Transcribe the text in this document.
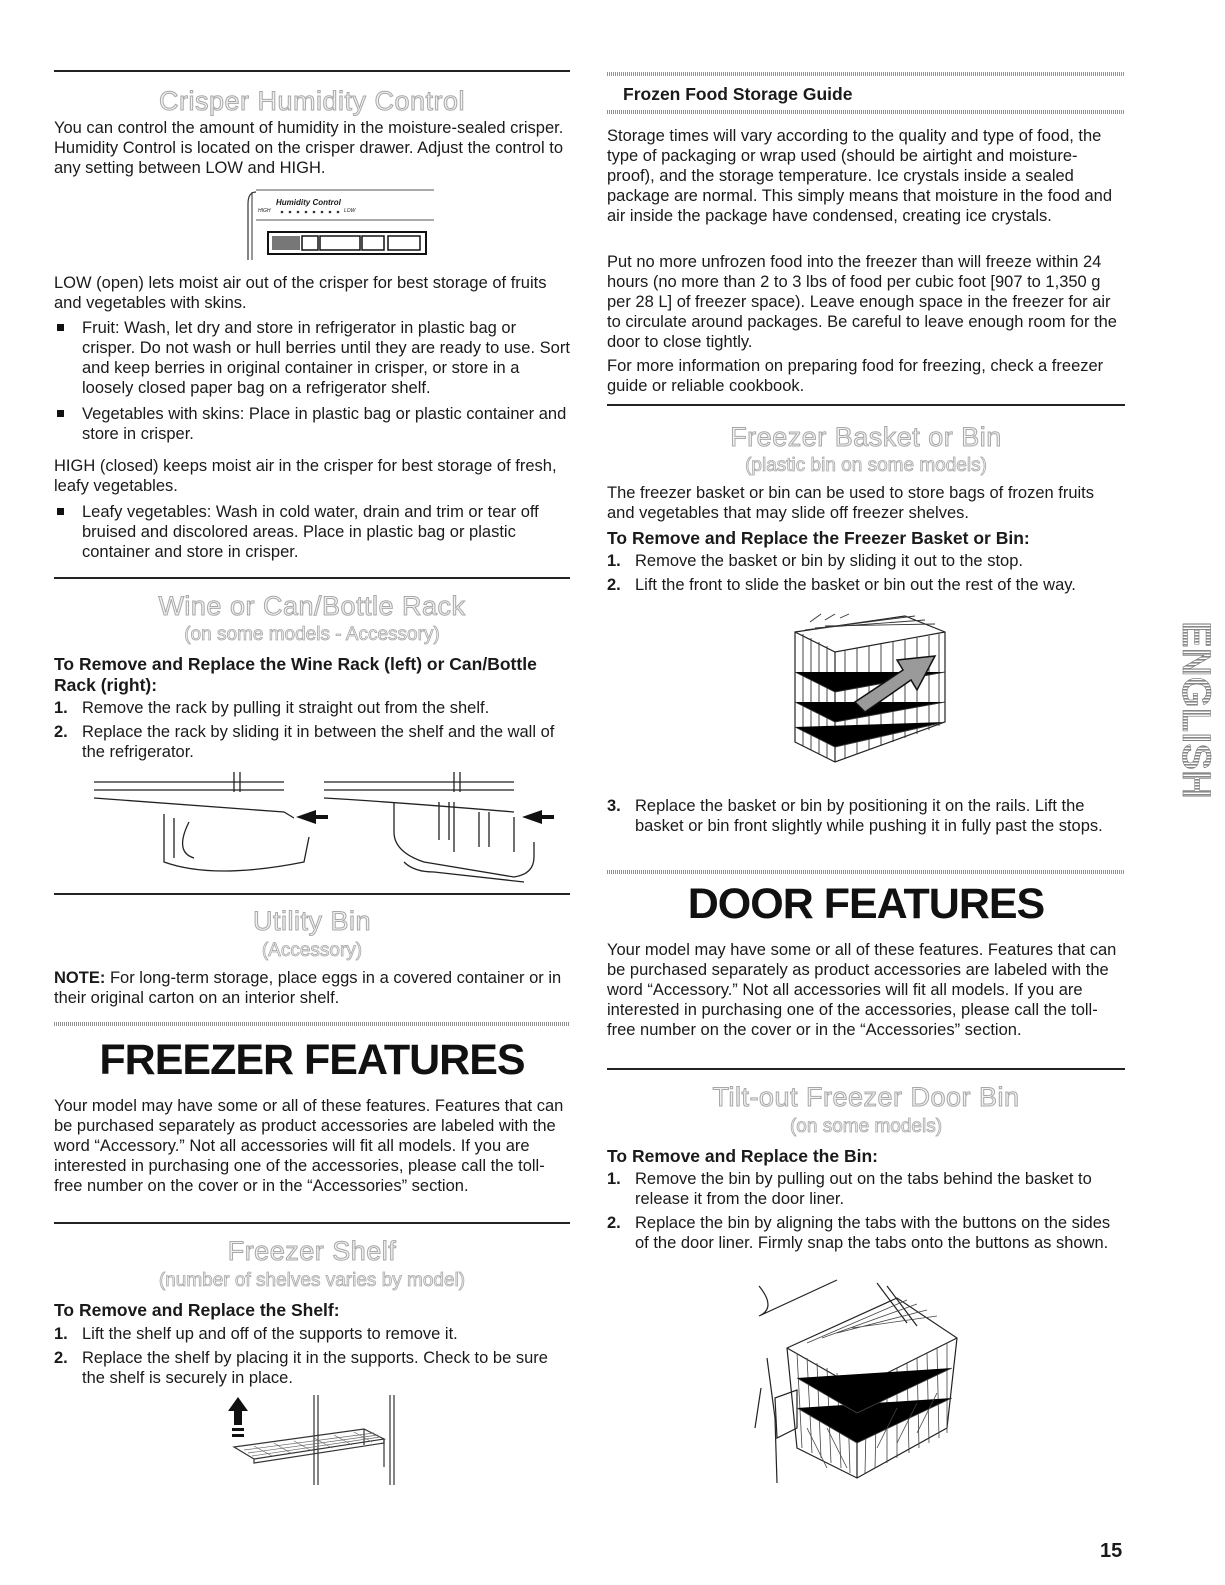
Crisper Humidity Control

You can control the amount of humidity in the moisture-sealed crisper. Humidity Control is located on the crisper drawer. Adjust the control to any setting between LOW and HIGH.

Humidity Control
HIGH	LOW

LOW (open) lets moist air out of the crisper for best storage of fruits and vegetables with skins.

Fruit: Wash, let dry and store in refrigerator in plastic bag or crisper. Do not wash or hull berries until they are ready to use. Sort and keep berries in original container in crisper, or store in a loosely closed paper bag on a refrigerator shelf.
Vegetables with skins: Place in plastic bag or plastic container and store in crisper.

HIGH (closed) keeps moist air in the crisper for best storage of fresh, leafy vegetables.

Leafy vegetables: Wash in cold water, drain and trim or tear off bruised and discolored areas. Place in plastic bag or plastic container and store in crisper.
Wine or Can/Bottle Rack
(on some models - Accessory)
To Remove and Replace the Wine Rack (left) or Can/Bottle Rack (right):
1. Remove the rack by pulling it straight out from the shelf.
2. Replace the rack by sliding it in between the shelf and the wall of the refrigerator.
Utility Bin
(Accessory)

NOTE: For long-term storage, place eggs in a covered container or in their original carton on an interior shelf.

FREEZER FEATURES

Your model may have some or all of these features. Features that can be purchased separately as product accessories are labeled with the word “Accessory.” Not all accessories will fit all models. If you are interested in purchasing one of the accessories, please call the toll-free number on the cover or in the “Accessories” section.

Freezer Shelf
(number of shelves varies by model)
To Remove and Replace the Shelf:
1. Lift the shelf up and off of the supports to remove it.
2. Replace the shelf by placing it in the supports. Check to be sure the shelf is securely in place.
Frozen Food Storage Guide

Storage times will vary according to the quality and type of food, the type of packaging or wrap used (should be airtight and moisture-proof), and the storage temperature. Ice crystals inside a sealed package are normal. This simply means that moisture in the food and air inside the package have condensed, creating ice crystals.

Put no more unfrozen food into the freezer than will freeze within 24 hours (no more than 2 to 3 lbs of food per cubic foot [907 to 1,350 g per 28 L] of freezer space). Leave enough space in the freezer for air to circulate around packages. Be careful to leave enough room for the door to close tightly.

For more information on preparing food for freezing, check a freezer guide or reliable cookbook.

Freezer Basket or Bin
(plastic bin on some models)

The freezer basket or bin can be used to store bags of frozen fruits and vegetables that may slide off freezer shelves.

To Remove and Replace the Freezer Basket or Bin:
1. Remove the basket or bin by sliding it out to the stop.
2. Lift the front to slide the basket or bin out the rest of the way.
3. Replace the basket or bin by positioning it on the rails. Lift the basket or bin front slightly while pushing it in fully past the stops.
DOOR FEATURES

Your model may have some or all of these features. Features that can be purchased separately as product accessories are labeled with the word “Accessory.” Not all accessories will fit all models. If you are interested in purchasing one of the accessories, please call the toll-free number on the cover or in the “Accessories” section.

Tilt-out Freezer Door Bin
(on some models)
To Remove and Replace the Bin:
1. Remove the bin by pulling out on the tabs behind the basket to release it from the door liner.
2. Replace the bin by aligning the tabs with the buttons on the sides of the door liner. Firmly snap the tabs onto the buttons as shown.
ENGLISH
15
